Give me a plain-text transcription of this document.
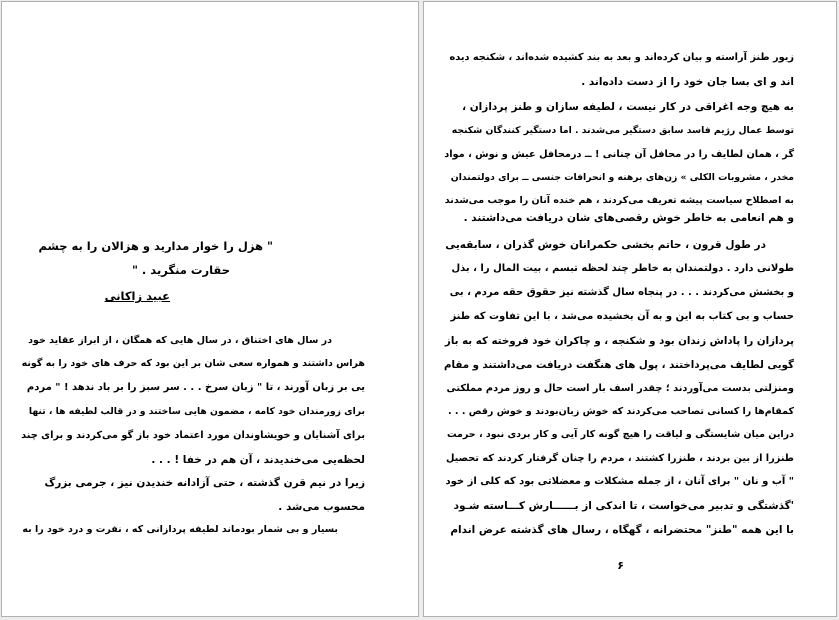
" هزل را خوار مدارید و هزالان را به چشم
حقارت منگرید . "
عبید زاکانی
در سال های اختناق ، در سال هایی که همگان ، از ابراز عقاید خود
هراس داشتند و همواره سعی شان بر این بود که حرف های خود را به گونه‌
یی بر زبان آورند ، تا " زبان سرخ . . . سر سبز را بر باد ندهد ! " مردم
برای زورمندان خود کامه ، مضمون هایی ساختند و در قالب لطیفه ها ، تنها
برای آشنایان و خویشاوندان مورد اعتماد خود باز گو می‌کردند و برای چند
لحظه‌یی می‌خندیدند ، آن هم در خفا ! . . .
زیرا در نیم قرن گذشته ، حتی آزادانه خندیدن نیز ، جرمی بزرگ
محسوب می‌شد .
بسیار و بی شمار بودماند لطیفه پردازانی که ، نفرت و درد خود را به
زیور طنز آراسته و بیان کرده‌اند و بعد به بند کشیده شده‌اند ، شکنجه دیده‌
اند و ای بسا جان خود را از دست داده‌اند .
به هیچ وجه اغراقی در کار نیست ، لطیفه سازان و طنز پردازان ،
توسط عمال رژیم فاسد سابق دستگیر می‌شدند . اما دستگیر کنندگان شکنجه‌
گر ، همان لطایف را در محافل آن چنانی ! ــ درمحافل عیش و نوش ، مواد
مخدر ، مشروبات الکلی » زن‌های برهنه و انحرافات جنسی ــ برای دولتمندان
به اصطلاح سیاست پیشه تعریف می‌کردند ، هم خنده آنان را موجب می‌شدند
و هم انعامی به خاطر خوش رقصی‌های شان دریافت می‌داشتند .
در طول قرون ، حاتم بخشی حکمرانان خوش گذران ، سابقه‌یی
طولانی دارد . دولتمندان به خاطر چند لحظه تبسم ، بیت المال را ، بذل
و بخشش می‌کردند . . . در پنجاه سال گذشته نیز حقوق حقه مردم ، بی‌
حساب و بی کتاب به این و به آن بخشیده می‌شد ، با این تفاوت که طنز
پردازان را پاداش زندان بود و شکنجه ، و چاکران خود فروخته که به باز
گویی لطایف می‌پرداختند ، پول های هنگفت دریافت می‌داشتند و مقام
ومنزلتی بدست می‌آوردند ؛ چقدر اسف بار است حال و روز مردم مملکتی
کمقام‌ها را کسانی تصاحب می‌کردند که خوش زبان‌بودند و خوش رقص . . .
دراین میان شایستگی و لیاقت را هیچ گونه کار آیی و کار بردی نبود ، حرمت
طنزرا از بین بردند ، طنزرا کشتند ، مردم را چنان گرفتار کردند که تحصیل
" آب و نان " برای آنان ، از جمله مشکلات و معضلاتی بود که کلی از خود
'گذشتگی و تدبیر می‌خواست ، تا اندکی از بــــــارش کـــاسته شـود
با این همه "طنز" محتضرانه ، گهگاه ، رسال های گذشته عرض اندام
۶
